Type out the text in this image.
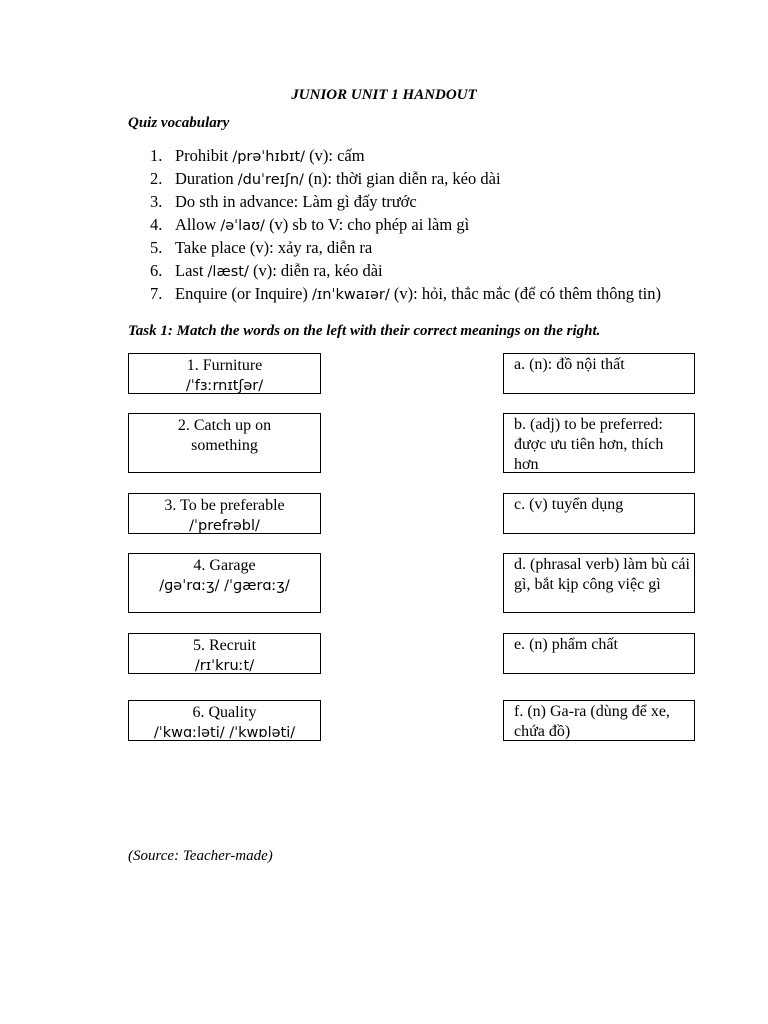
JUNIOR UNIT 1 HANDOUT
Quiz vocabulary
1. Prohibit /prəˈhɪbɪt/ (v): cấm
2. Duration /duˈreɪʃn/ (n): thời gian diễn ra, kéo dài
3. Do sth in advance: Làm gì đấy trước
4. Allow /əˈlaʊ/ (v) sb to V: cho phép ai làm gì
5. Take place (v): xảy ra, diễn ra
6. Last /læst/ (v): diễn ra, kéo dài
7. Enquire (or Inquire) /ɪnˈkwaɪər/ (v): hỏi, thắc mắc (để có thêm thông tin)
Task 1: Match the words on the left with their correct meanings on the right.
1. Furniture
/ˈfɜːrnɪtʃər/
2. Catch up on something
3. To be preferable
/ˈprefrəbl/
4. Garage
/ɡəˈrɑːʒ/ /ˈɡærɑːʒ/
5. Recruit
/rɪˈkruːt/
6. Quality
/ˈkwɑːləti/ /ˈkwɒləti/
a. (n): đồ nội thất
b. (adj) to be preferred: được ưu tiên hơn, thích hơn
c. (v) tuyển dụng
d. (phrasal verb) làm bù cái gì, bắt kịp công việc gì
e. (n) phẩm chất
f. (n) Ga-ra (dùng để xe, chứa đồ)
(Source: Teacher-made)
